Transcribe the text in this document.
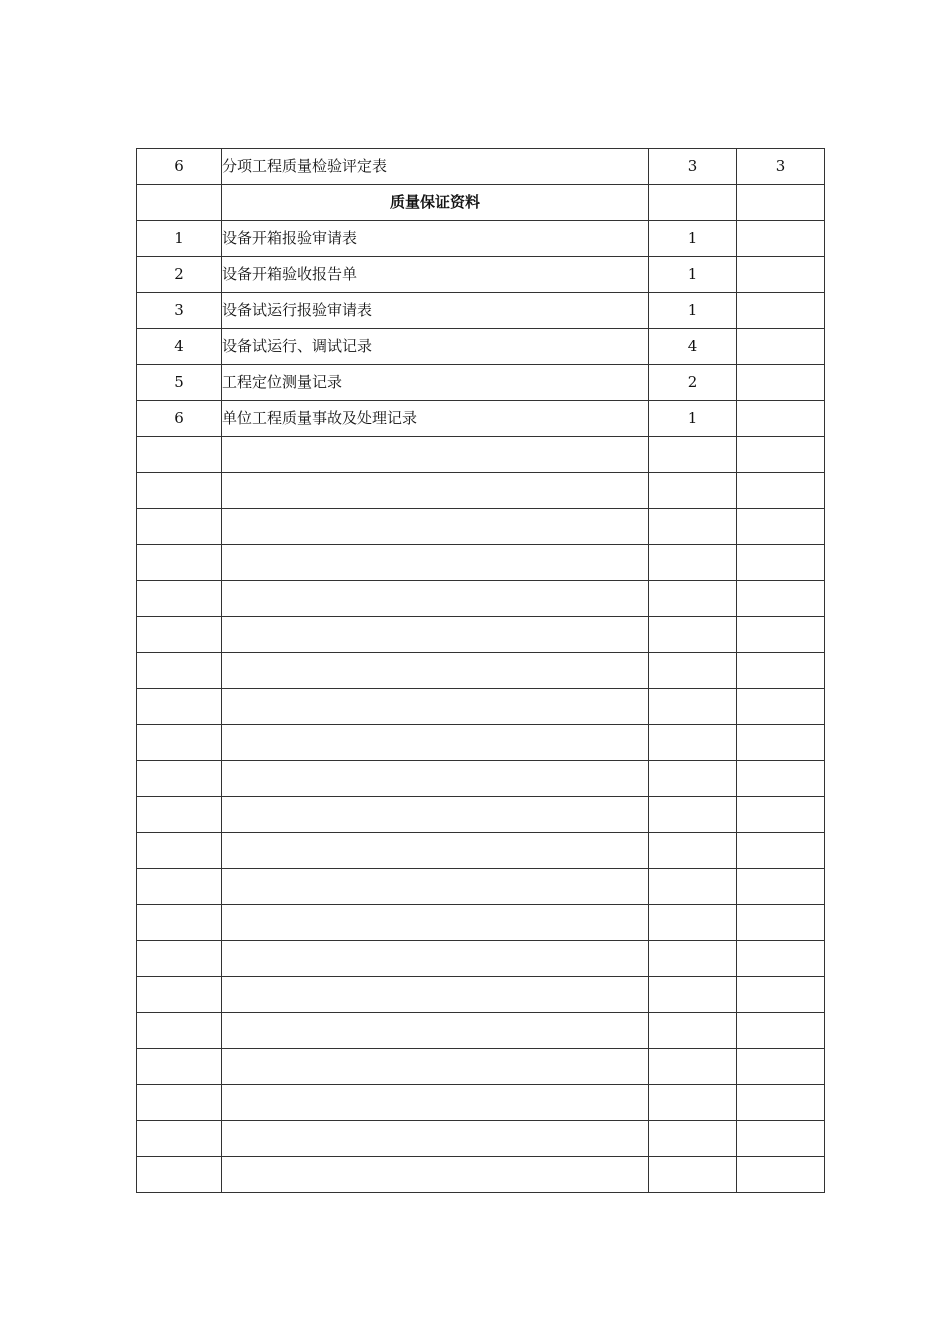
6	分项工程质量检验评定表	3	3
	质量保证资料		
1	设备开箱报验审请表	1	
2	设备开箱验收报告单	1	
3	设备试运行报验审请表	1	
4	设备试运行、调试记录	4	
5	工程定位测量记录	2	
6	单位工程质量事故及处理记录	1	
